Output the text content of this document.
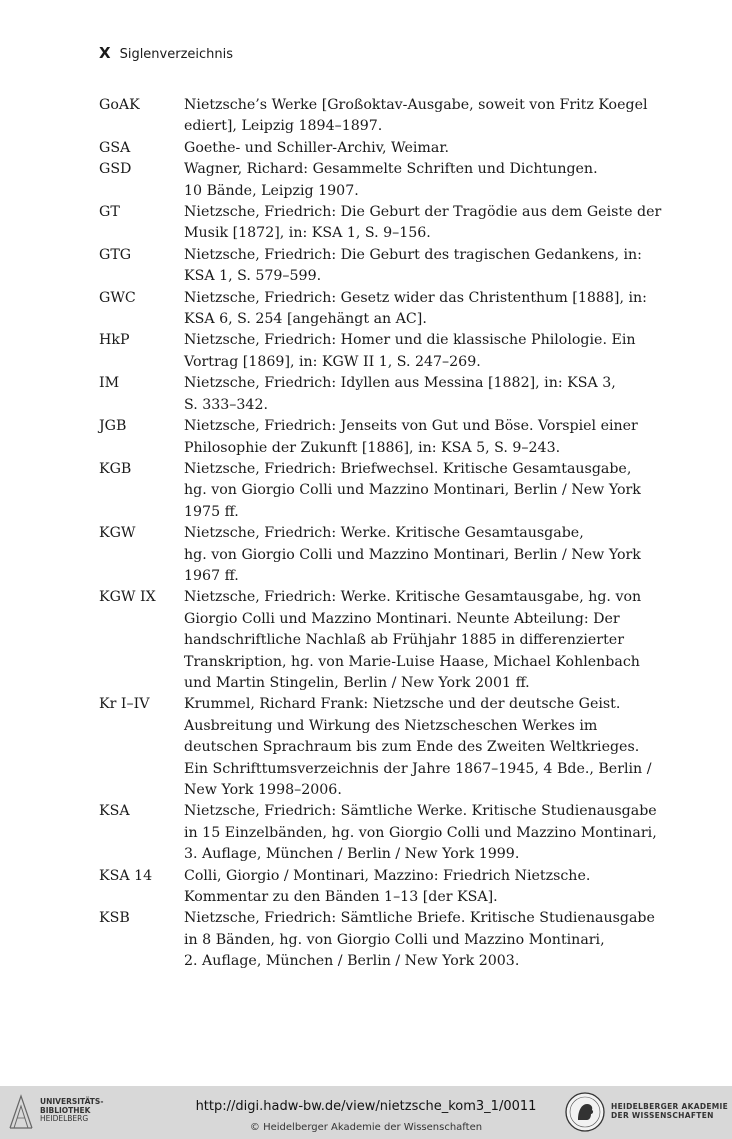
X Siglenverzeichnis
GoAK	Nietzsche’s Werke [Großoktav-Ausgabe, soweit von Fritz Koegel
ediert], Leipzig 1894–1897.
GSA	Goethe- und Schiller-Archiv, Weimar.
GSD	Wagner, Richard: Gesammelte Schriften und Dichtungen.
10 Bände, Leipzig 1907.
GT	Nietzsche, Friedrich: Die Geburt der Tragödie aus dem Geiste der
Musik [1872], in: KSA 1, S. 9–156.
GTG	Nietzsche, Friedrich: Die Geburt des tragischen Gedankens, in:
KSA 1, S. 579–599.
GWC	Nietzsche, Friedrich: Gesetz wider das Christenthum [1888], in:
KSA 6, S. 254 [angehängt an AC].
HkP	Nietzsche, Friedrich: Homer und die klassische Philologie. Ein
Vortrag [1869], in: KGW II 1, S. 247–269.
IM	Nietzsche, Friedrich: Idyllen aus Messina [1882], in: KSA 3,
S. 333–342.
JGB	Nietzsche, Friedrich: Jenseits von Gut und Böse. Vorspiel einer
Philosophie der Zukunft [1886], in: KSA 5, S. 9–243.
KGB	Nietzsche, Friedrich: Briefwechsel. Kritische Gesamtausgabe,
hg. von Giorgio Colli und Mazzino Montinari, Berlin / New York
1975 ff.
KGW	Nietzsche, Friedrich: Werke. Kritische Gesamtausgabe,
hg. von Giorgio Colli und Mazzino Montinari, Berlin / New York
1967 ff.
KGW IX	Nietzsche, Friedrich: Werke. Kritische Gesamtausgabe, hg. von
Giorgio Colli und Mazzino Montinari. Neunte Abteilung: Der
handschriftliche Nachlaß ab Frühjahr 1885 in differenzierter
Transkription, hg. von Marie-Luise Haase, Michael Kohlenbach
und Martin Stingelin, Berlin / New York 2001 ff.
Kr I–IV	Krummel, Richard Frank: Nietzsche und der deutsche Geist.
Ausbreitung und Wirkung des Nietzscheschen Werkes im
deutschen Sprachraum bis zum Ende des Zweiten Weltkrieges.
Ein Schrifttumsverzeichnis der Jahre 1867–1945, 4 Bde., Berlin /
New York 1998–2006.
KSA	Nietzsche, Friedrich: Sämtliche Werke. Kritische Studienausgabe
in 15 Einzelbänden, hg. von Giorgio Colli und Mazzino Montinari,
3. Auflage, München / Berlin / New York 1999.
KSA 14	Colli, Giorgio / Montinari, Mazzino: Friedrich Nietzsche.
Kommentar zu den Bänden 1–13 [der KSA].
KSB	Nietzsche, Friedrich: Sämtliche Briefe. Kritische Studienausgabe
in 8 Bänden, hg. von Giorgio Colli und Mazzino Montinari,
2. Auflage, München / Berlin / New York 2003.
UNIVERSITÄTS-
BIBLIOTHEK
HEIDELBERG
http://digi.hadw-bw.de/view/nietzsche_kom3_1/0011
© Heidelberger Akademie der Wissenschaften
HEIDELBERGER AKADEMIE
DER WISSENSCHAFTEN
